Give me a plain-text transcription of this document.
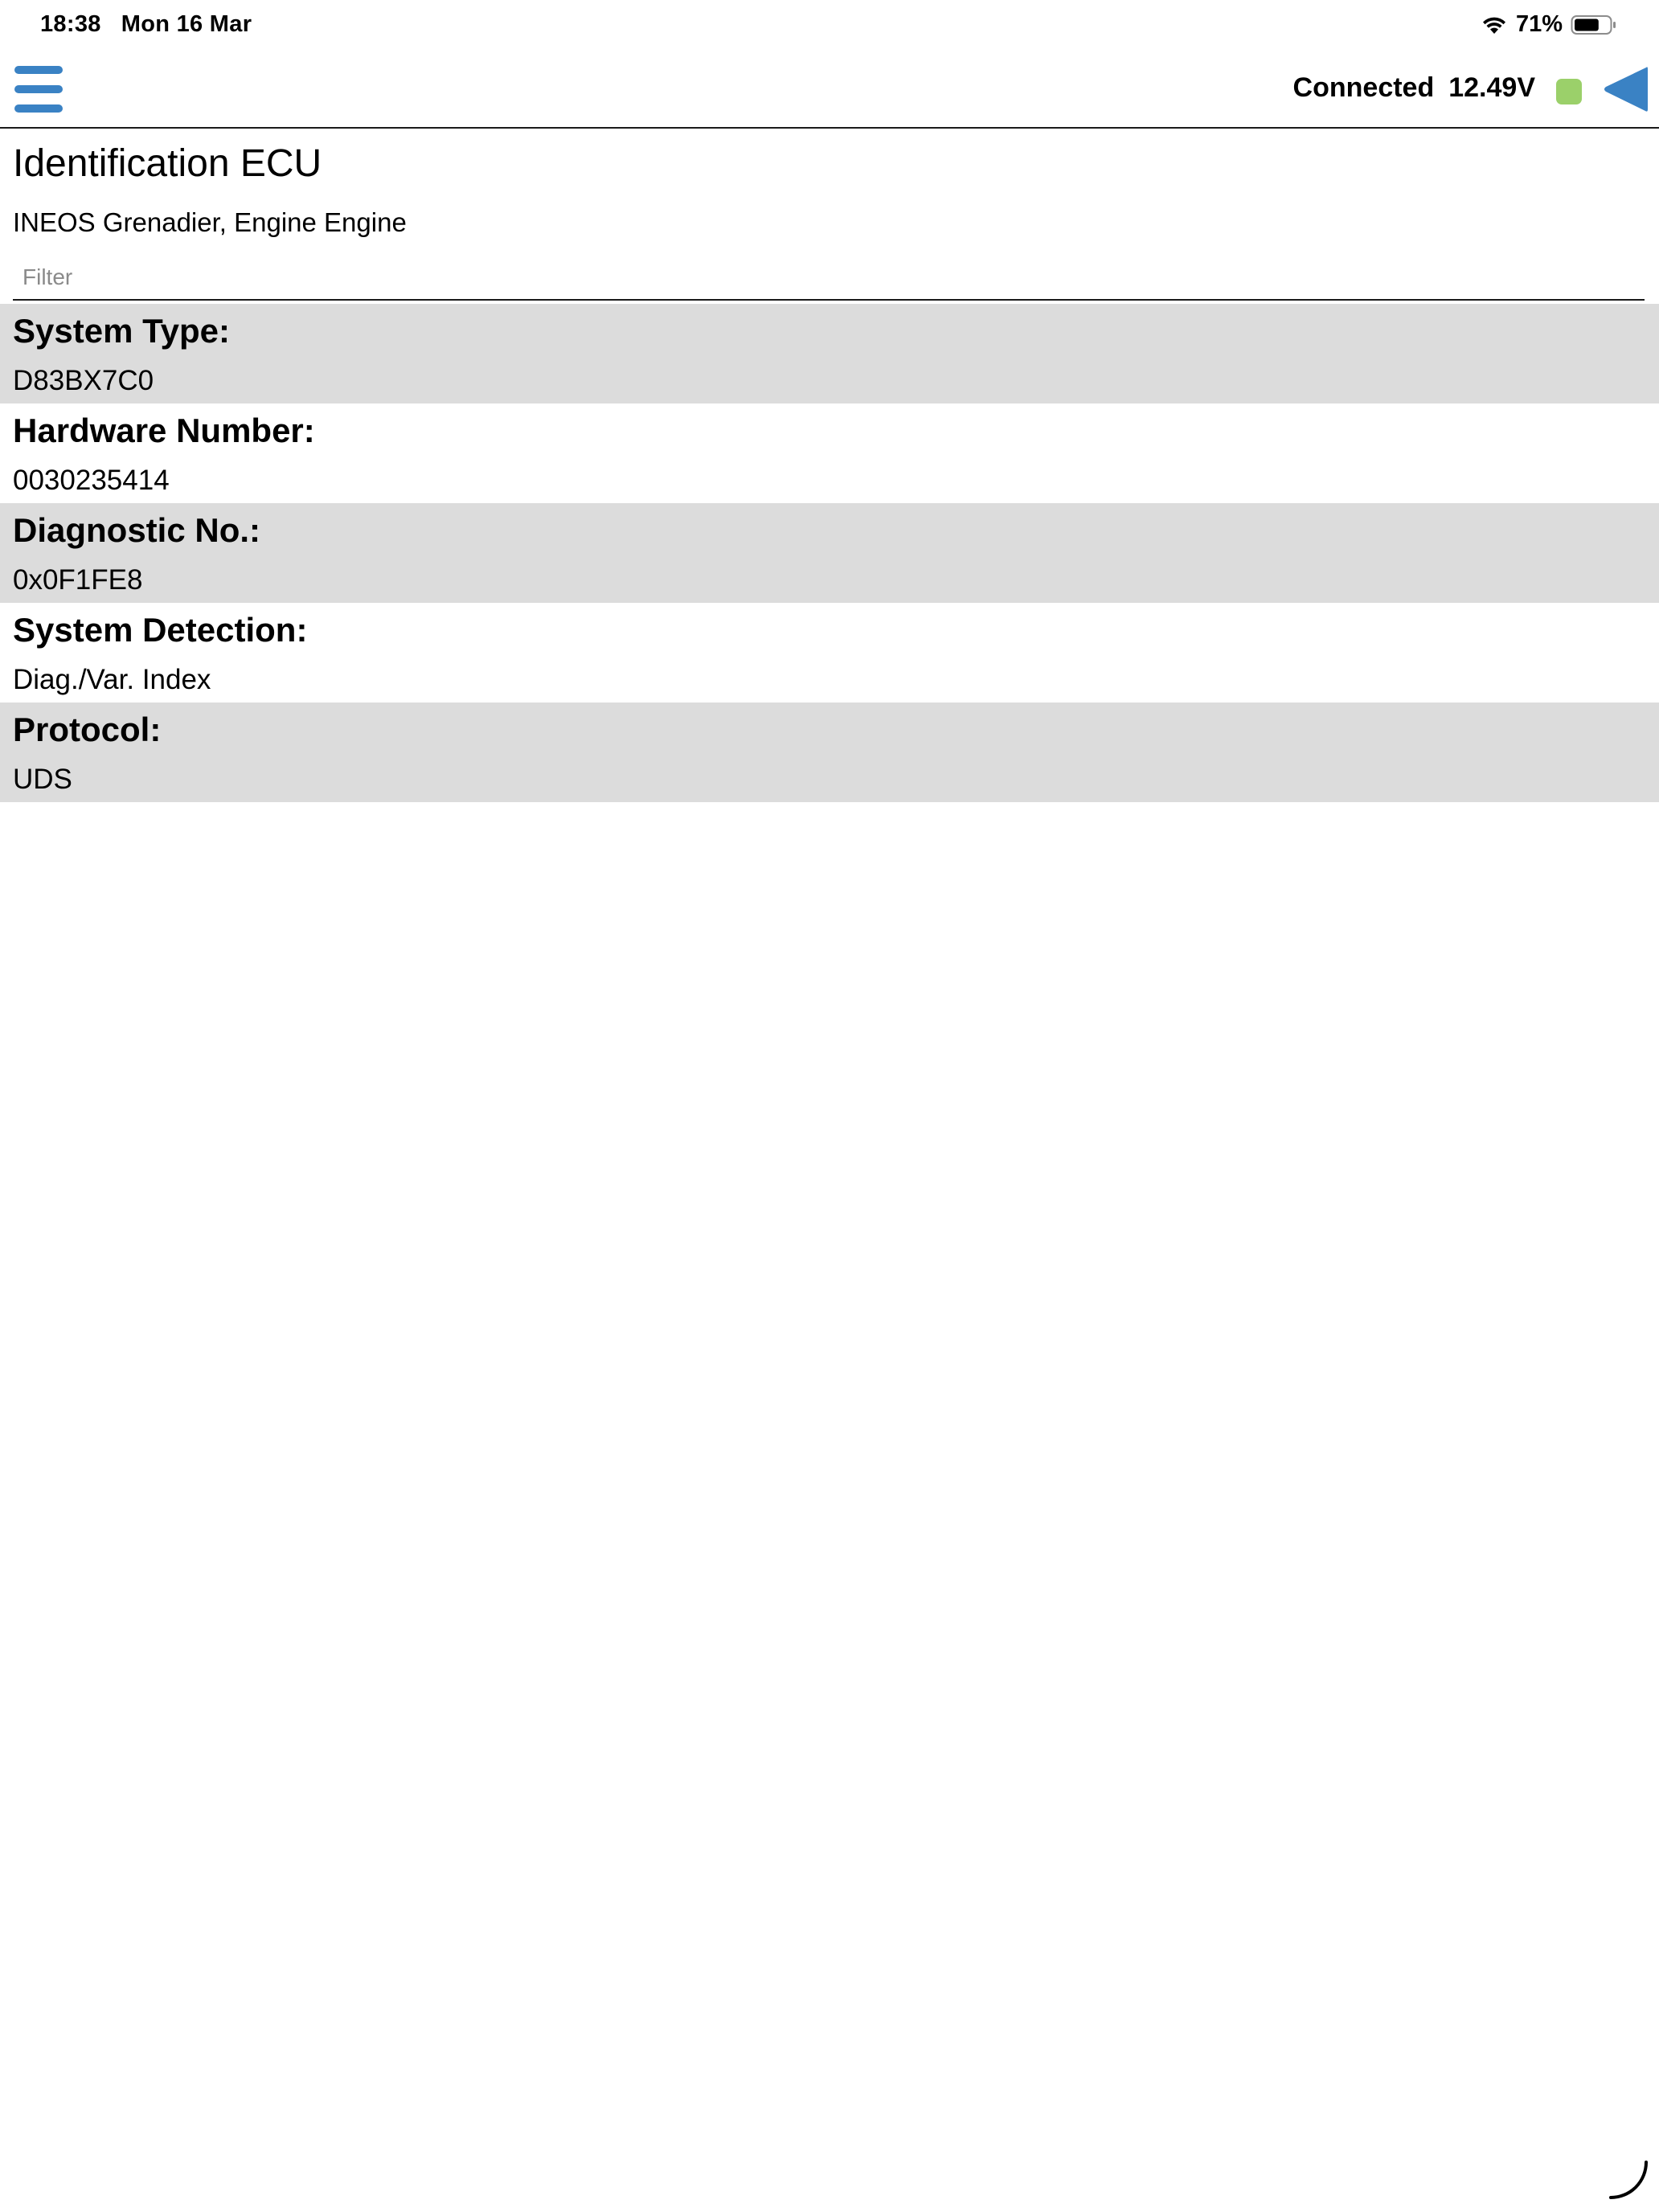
18:38 Mon 16 Mar	71%
Connected 12.49V
Identification ECU
INEOS Grenadier, Engine Engine
Filter
System Type:
D83BX7C0
Hardware Number:
0030235414
Diagnostic No.:
0x0F1FE8
System Detection:
Diag./Var. Index
Protocol:
UDS
